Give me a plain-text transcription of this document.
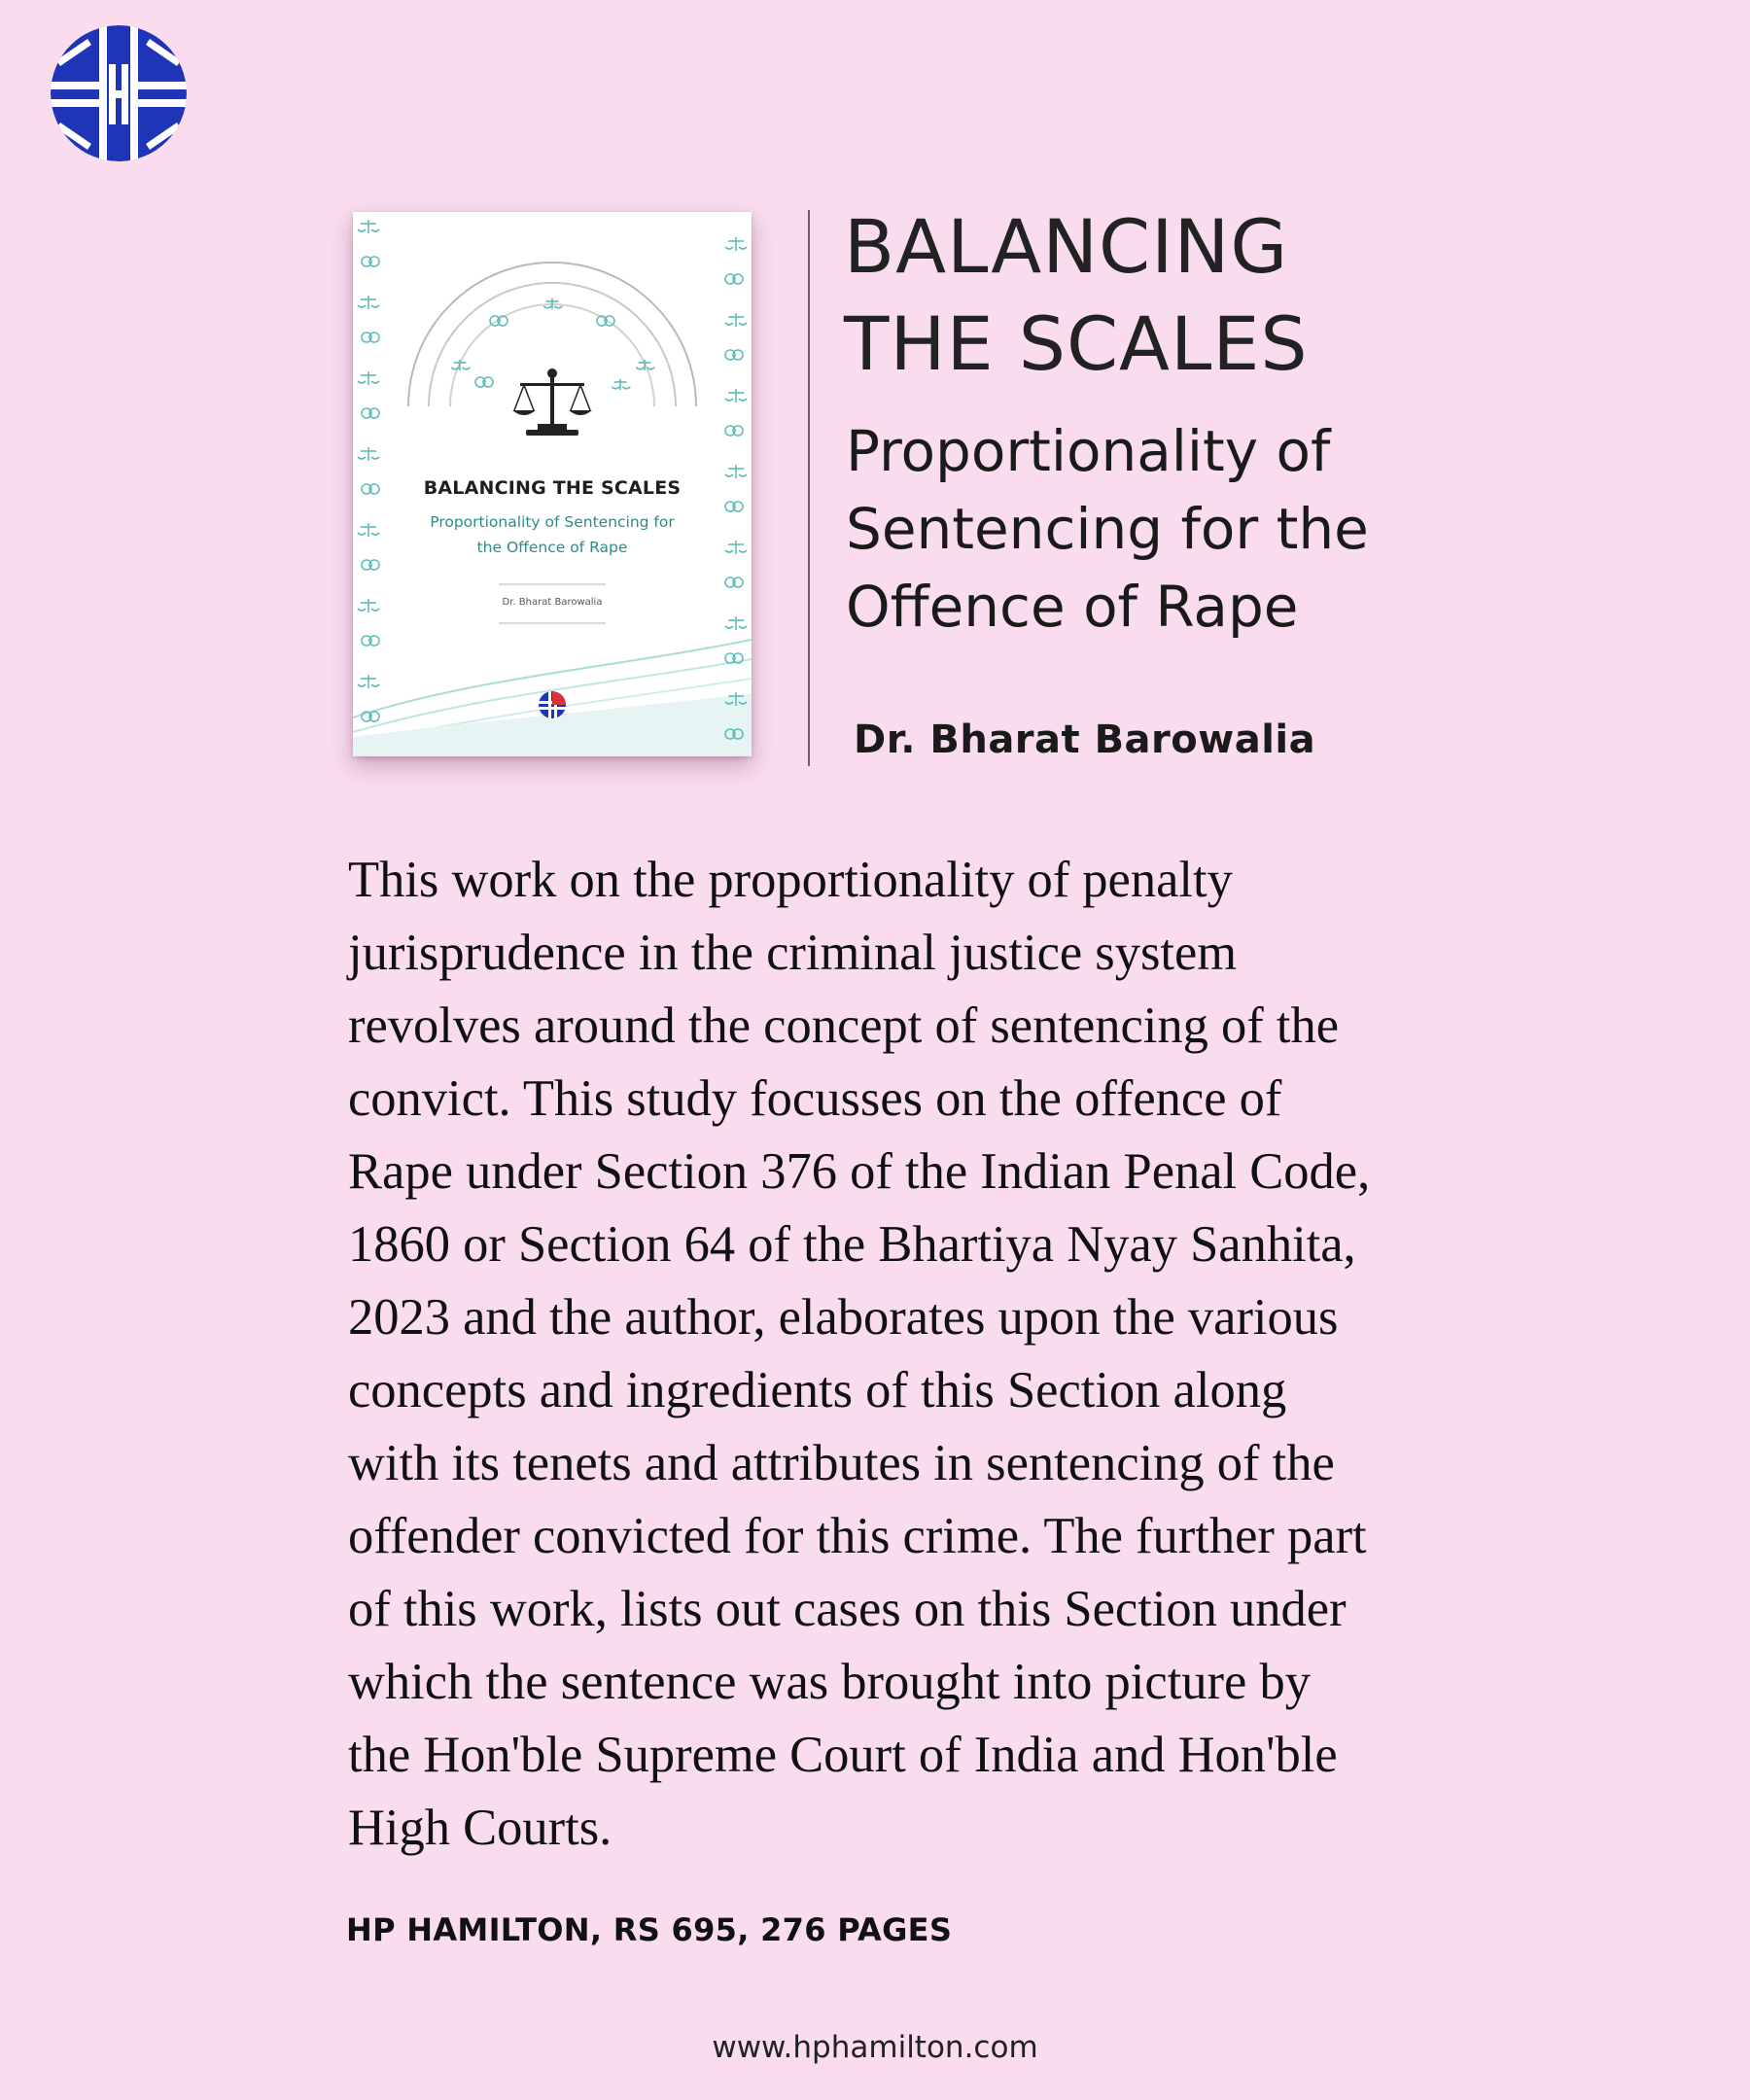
BALANCING THE SCALES
Proportionality of Sentencing for
the Offence of Rape
Dr. Bharat Barowalia
BALANCING
THE SCALES
Proportionality of
Sentencing for the
Offence of Rape
Dr. Bharat Barowalia
This work on the proportionality of penalty
jurisprudence in the criminal justice system
revolves around the concept of sentencing of the
convict. This study focusses on the offence of
Rape under Section 376 of the Indian Penal Code,
1860 or Section 64 of the Bhartiya Nyay Sanhita,
2023 and the author, elaborates upon the various
concepts and ingredients of this Section along
with its tenets and attributes in sentencing of the
offender convicted for this crime. The further part
of this work, lists out cases on this Section under
which the sentence was brought into picture by
the Hon'ble Supreme Court of India and Hon'ble
High Courts.
HP HAMILTON, RS 695, 276 PAGES
www.hphamilton.com
